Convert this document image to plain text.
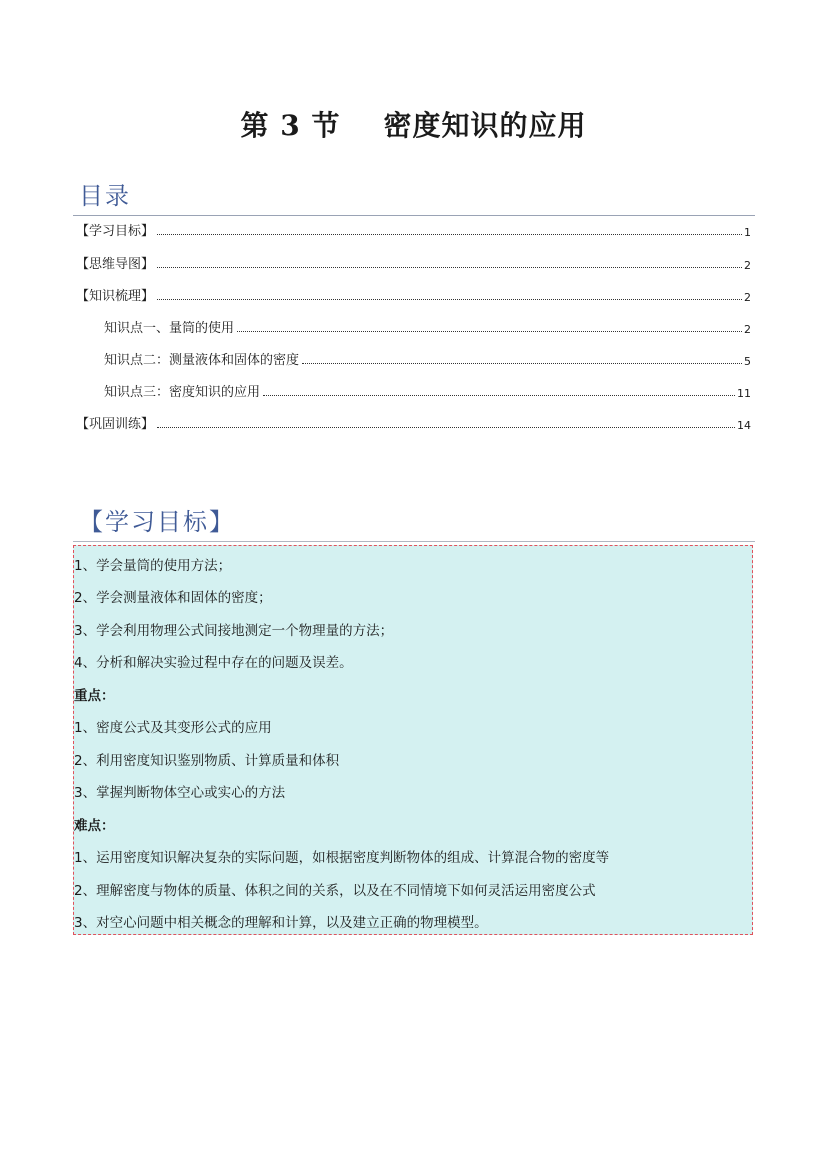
第 3 节    密度知识的应用
目录
【学习目标】	1
【思维导图】	2
【知识梳理】	2
知识点一、量筒的使用	2
知识点二：测量液体和固体的密度	5
知识点三：密度知识的应用	11
【巩固训练】	14
【学习目标】
1、学会量筒的使用方法；
2、学会测量液体和固体的密度；
3、学会利用物理公式间接地测定一个物理量的方法；
4、分析和解决实验过程中存在的问题及误差。
重点：
1、密度公式及其变形公式的应用
2、利用密度知识鉴别物质、计算质量和体积
3、掌握判断物体空心或实心的方法
难点：
1、运用密度知识解决复杂的实际问题，如根据密度判断物体的组成、计算混合物的密度等
2、理解密度与物体的质量、体积之间的关系，以及在不同情境下如何灵活运用密度公式
3、对空心问题中相关概念的理解和计算，以及建立正确的物理模型。
